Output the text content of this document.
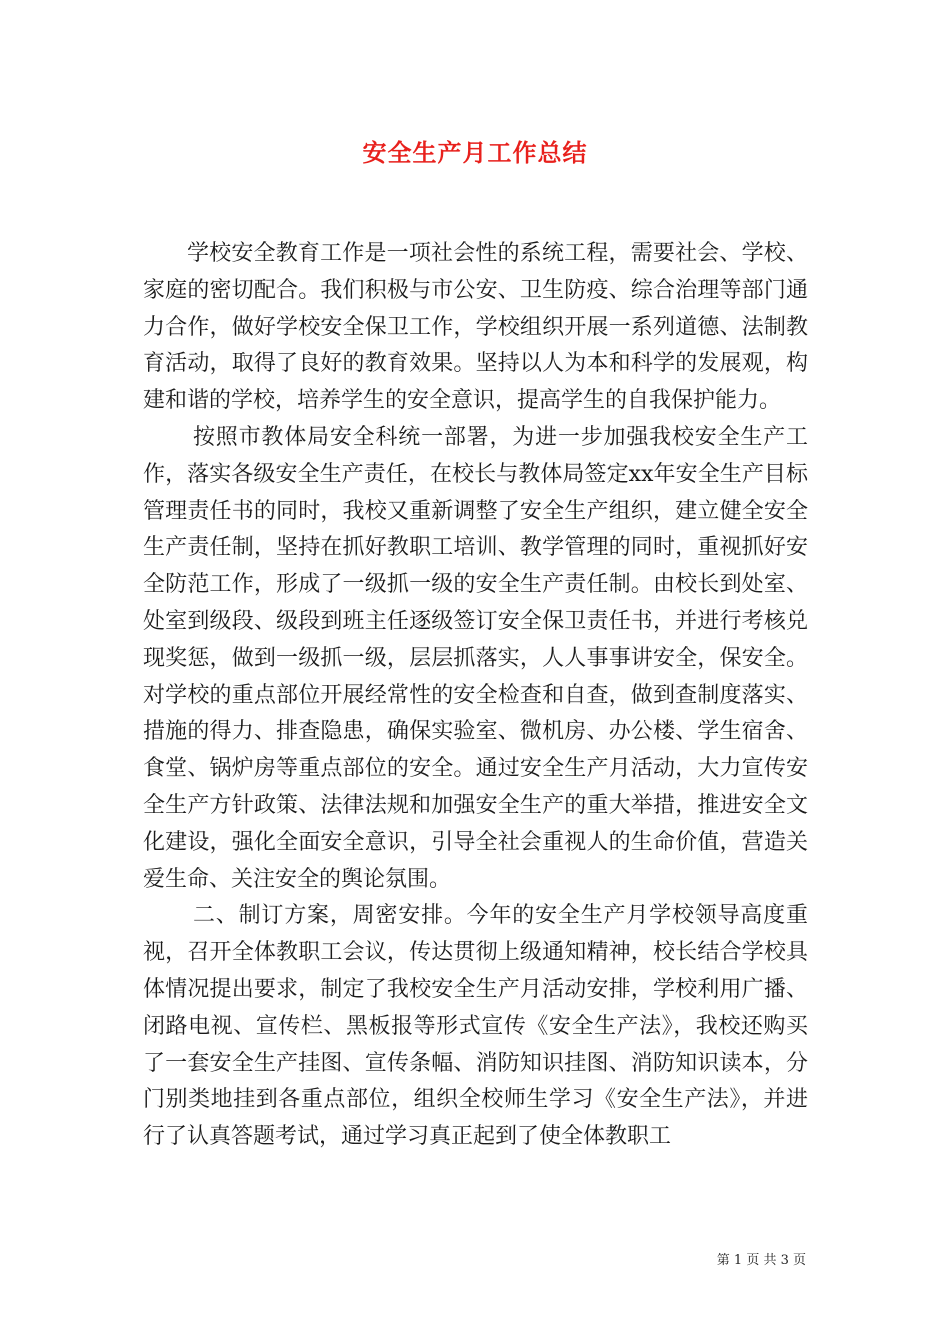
安全生产月工作总结

学校安全教育工作是一项社会性的系统工程，需要社会、学校、家庭的密切配合。我们积极与市公安、卫生防疫、综合治理等部门通力合作，做好学校安全保卫工作，学校组织开展一系列道德、法制教育活动，取得了良好的教育效果。坚持以人为本和科学的发展观，构建和谐的学校，培养学生的安全意识，提高学生的自我保护能力。

按照市教体局安全科统一部署，为进一步加强我校安全生产工作，落实各级安全生产责任，在校长与教体局签定xx年安全生产目标管理责任书的同时，我校又重新调整了安全生产组织，建立健全安全生产责任制，坚持在抓好教职工培训、教学管理的同时，重视抓好安全防范工作，形成了一级抓一级的安全生产责任制。由校长到处室、处室到级段、级段到班主任逐级签订安全保卫责任书，并进行考核兑现奖惩，做到一级抓一级，层层抓落实，人人事事讲安全，保安全。对学校的重点部位开展经常性的安全检查和自查，做到查制度落实、措施的得力、排查隐患，确保实验室、微机房、办公楼、学生宿舍、食堂、锅炉房等重点部位的安全。通过安全生产月活动，大力宣传安全生产方针政策、法律法规和加强安全生产的重大举措，推进安全文化建设，强化全面安全意识，引导全社会重视人的生命价值，营造关爱生命、关注安全的舆论氛围。

二、制订方案，周密安排。今年的安全生产月学校领导高度重视，召开全体教职工会议，传达贯彻上级通知精神，校长结合学校具体情况提出要求，制定了我校安全生产月活动安排，学校利用广播、闭路电视、宣传栏、黑板报等形式宣传《安全生产法》，我校还购买了一套安全生产挂图、宣传条幅、消防知识挂图、消防知识读本，分门别类地挂到各重点部位，组织全校师生学习《安全生产法》，并进行了认真答题考试，通过学习真正起到了使全体教职工

第 1 页 共 3 页
